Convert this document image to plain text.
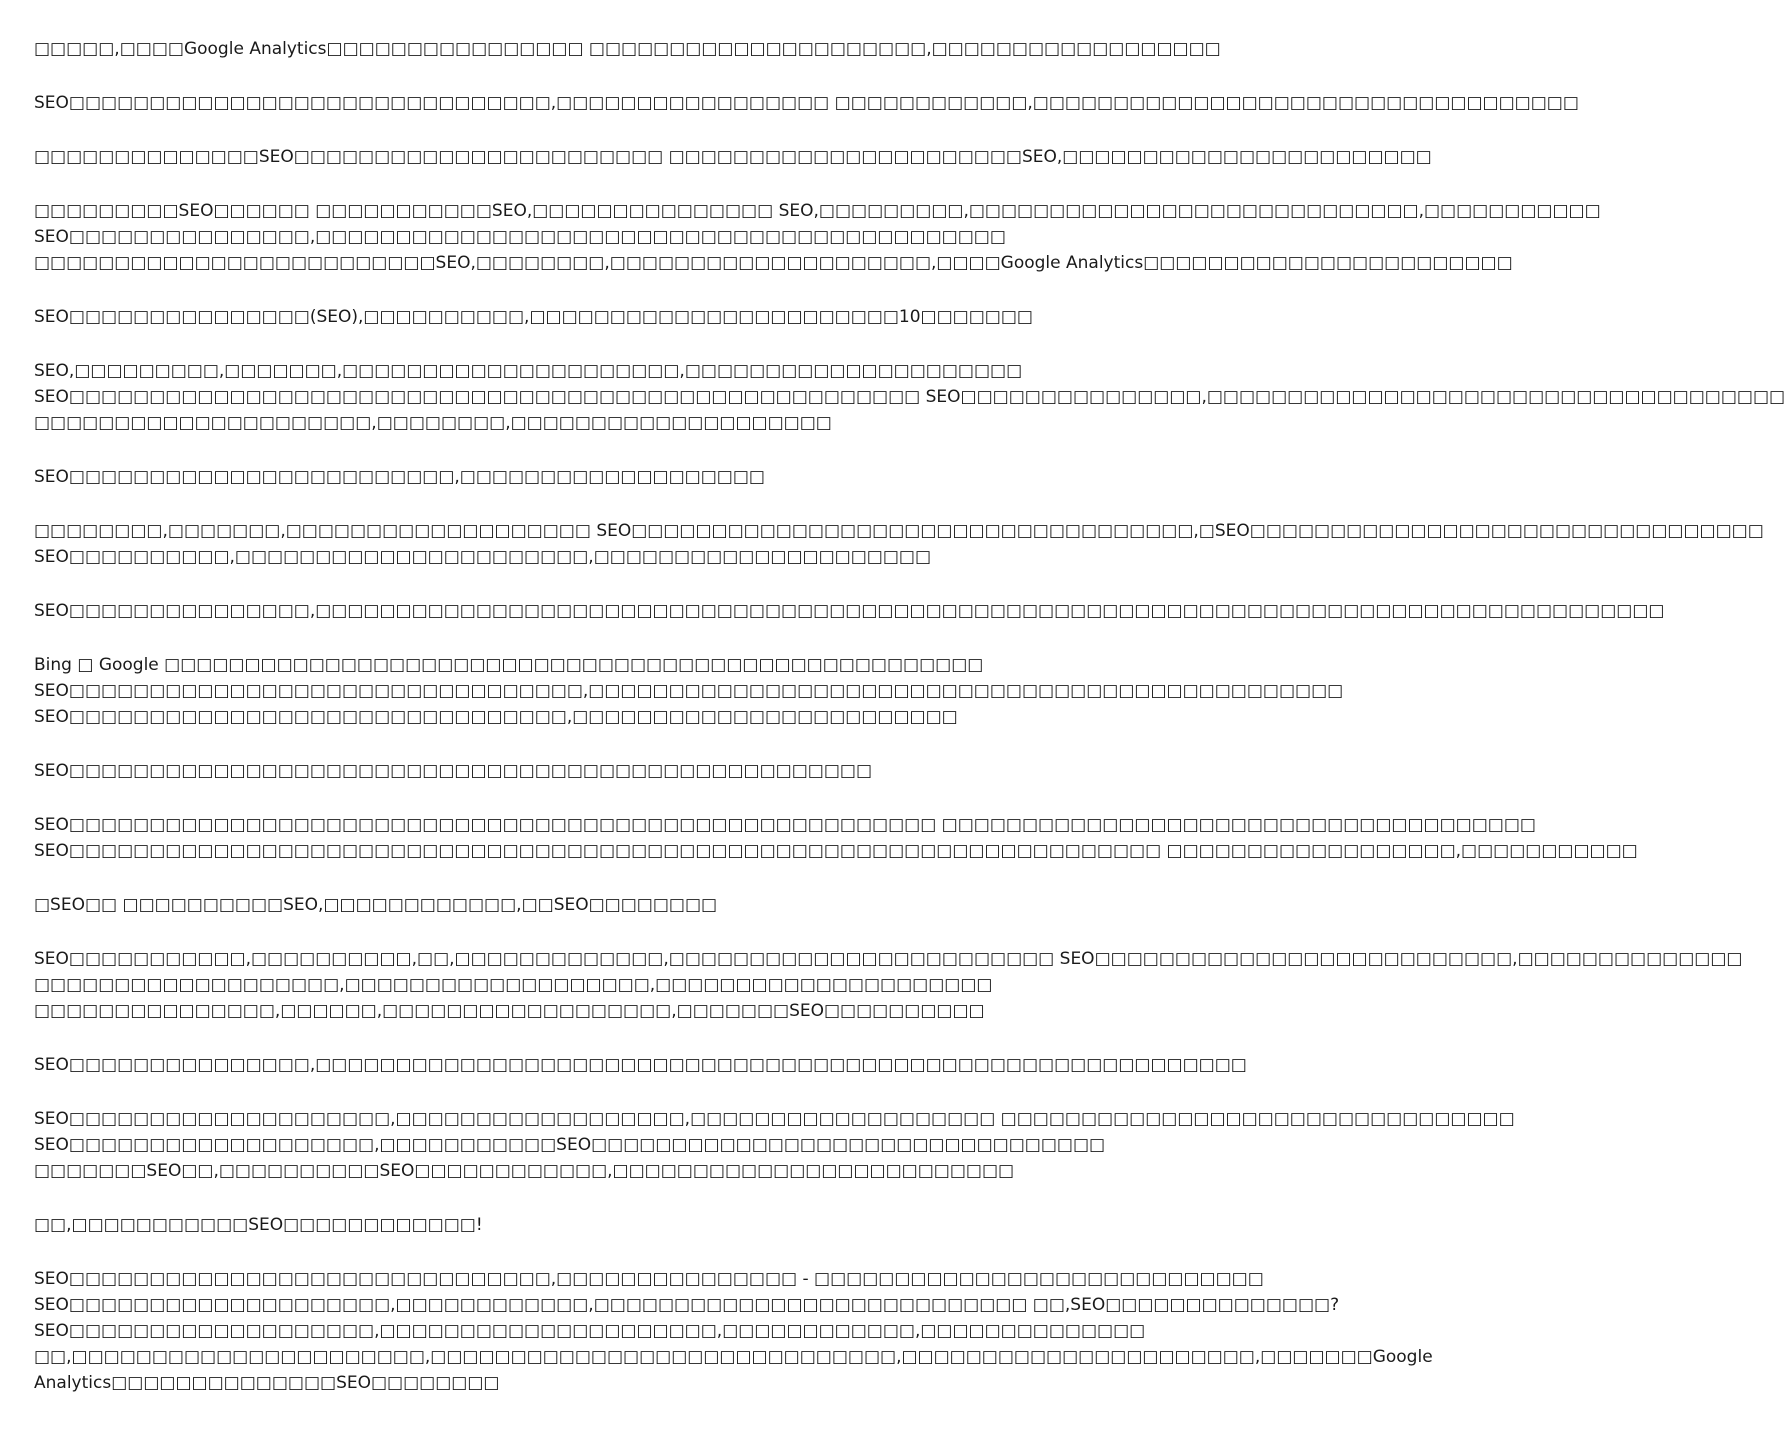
□□□□□,□□□□Google Analytics□□□□□□□□□□□□□□□□ □□□□□□□□□□□□□□□□□□□□□,□□□□□□□□□□□□□□□□□□

SEO□□□□□□□□□□□□□□□□□□□□□□□□□□□□□□,□□□□□□□□□□□□□□□□□ □□□□□□□□□□□□,□□□□□□□□□□□□□□□□□□□□□□□□□□□□□□□□□□

□□□□□□□□□□□□□□SEO□□□□□□□□□□□□□□□□□□□□□□□ □□□□□□□□□□□□□□□□□□□□□□SEO,□□□□□□□□□□□□□□□□□□□□□□□

□□□□□□□□□SEO□□□□□□ □□□□□□□□□□□SEO,□□□□□□□□□□□□□□□ SEO,□□□□□□□□□,□□□□□□□□□□□□□□□□□□□□□□□□□□□□,□□□□□□□□□□□
SEO□□□□□□□□□□□□□□□,□□□□□□□□□□□□□□□□□□□□□□□□□□□□□□□□□□□□□□□□□□□
□□□□□□□□□□□□□□□□□□□□□□□□□SEO,□□□□□□□□,□□□□□□□□□□□□□□□□□□□□,□□□□Google Analytics□□□□□□□□□□□□□□□□□□□□□□□

SEO□□□□□□□□□□□□□□□(SEO),□□□□□□□□□□,□□□□□□□□□□□□□□□□□□□□□□□10□□□□□□□

SEO,□□□□□□□□□,□□□□□□□,□□□□□□□□□□□□□□□□□□□□□,□□□□□□□□□□□□□□□□□□□□□
SEO□□□□□□□□□□□□□□□□□□□□□□□□□□□□□□□□□□□□□□□□□□□□□□□□□□□□□ SEO□□□□□□□□□□□□□□□,□□□□□□□□□□□□□□□□□□□□□□□□□□□□□□□□□□□□
□□□□□□□□□□□□□□□□□□□□□,□□□□□□□□,□□□□□□□□□□□□□□□□□□□□

SEO□□□□□□□□□□□□□□□□□□□□□□□□,□□□□□□□□□□□□□□□□□□□

□□□□□□□□,□□□□□□□,□□□□□□□□□□□□□□□□□□□ SEO□□□□□□□□□□□□□□□□□□□□□□□□□□□□□□□□□□□,□SEO□□□□□□□□□□□□□□□□□□□□□□□□□□□□□□□□
SEO□□□□□□□□□□,□□□□□□□□□□□□□□□□□□□□□□,□□□□□□□□□□□□□□□□□□□□□

SEO□□□□□□□□□□□□□□□,□□□□□□□□□□□□□□□□□□□□□□□□□□□□□□□□□□□□□□□□□□□□□□□□□□□□□□□□□□□□□□□□□□□□□□□□□□□□□□□□□□□□

Bing □ Google □□□□□□□□□□□□□□□□□□□□□□□□□□□□□□□□□□□□□□□□□□□□□□□□□□□
SEO□□□□□□□□□□□□□□□□□□□□□□□□□□□□□□□□,□□□□□□□□□□□□□□□□□□□□□□□□□□□□□□□□□□□□□□□□□□□□□□□
SEO□□□□□□□□□□□□□□□□□□□□□□□□□□□□□□□,□□□□□□□□□□□□□□□□□□□□□□□□

SEO□□□□□□□□□□□□□□□□□□□□□□□□□□□□□□□□□□□□□□□□□□□□□□□□□□

SEO□□□□□□□□□□□□□□□□□□□□□□□□□□□□□□□□□□□□□□□□□□□□□□□□□□□□□□ □□□□□□□□□□□□□□□□□□□□□□□□□□□□□□□□□□□□□
SEO□□□□□□□□□□□□□□□□□□□□□□□□□□□□□□□□□□□□□□□□□□□□□□□□□□□□□□□□□□□□□□□□□□□□ □□□□□□□□□□□□□□□□□□,□□□□□□□□□□□

□SEO□□ □□□□□□□□□□SEO,□□□□□□□□□□□□,□□SEO□□□□□□□□

SEO□□□□□□□□□□□,□□□□□□□□□□,□□,□□□□□□□□□□□□□,□□□□□□□□□□□□□□□□□□□□□□□□ SEO□□□□□□□□□□□□□□□□□□□□□□□□□□,□□□□□□□□□□□□□□
□□□□□□□□□□□□□□□□□□□,□□□□□□□□□□□□□□□□□□□,□□□□□□□□□□□□□□□□□□□□□
□□□□□□□□□□□□□□□,□□□□□□,□□□□□□□□□□□□□□□□□□,□□□□□□□SEO□□□□□□□□□□

SEO□□□□□□□□□□□□□□□,□□□□□□□□□□□□□□□□□□□□□□□□□□□□□□□□□□□□□□□□□□□□□□□□□□□□□□□□□□

SEO□□□□□□□□□□□□□□□□□□□□,□□□□□□□□□□□□□□□□□□,□□□□□□□□□□□□□□□□□□□ □□□□□□□□□□□□□□□□□□□□□□□□□□□□□□□□
SEO□□□□□□□□□□□□□□□□□□□,□□□□□□□□□□□SEO□□□□□□□□□□□□□□□□□□□□□□□□□□□□□□□□
□□□□□□□SEO□□,□□□□□□□□□□SEO□□□□□□□□□□□□,□□□□□□□□□□□□□□□□□□□□□□□□□

□□,□□□□□□□□□□□SEO□□□□□□□□□□□□!

SEO□□□□□□□□□□□□□□□□□□□□□□□□□□□□□□,□□□□□□□□□□□□□□□ - □□□□□□□□□□□□□□□□□□□□□□□□□□□□
SEO□□□□□□□□□□□□□□□□□□□□,□□□□□□□□□□□□,□□□□□□□□□□□□□□□□□□□□□□□□□□□ □□,SEO□□□□□□□□□□□□□□?
SEO□□□□□□□□□□□□□□□□□□□,□□□□□□□□□□□□□□□□□□□□□,□□□□□□□□□□□□,□□□□□□□□□□□□□□
□□,□□□□□□□□□□□□□□□□□□□□□□,□□□□□□□□□□□□□□□□□□□□□□□□□□□□□,□□□□□□□□□□□□□□□□□□□□□□,□□□□□□□Google
Analytics□□□□□□□□□□□□□□SEO□□□□□□□□
